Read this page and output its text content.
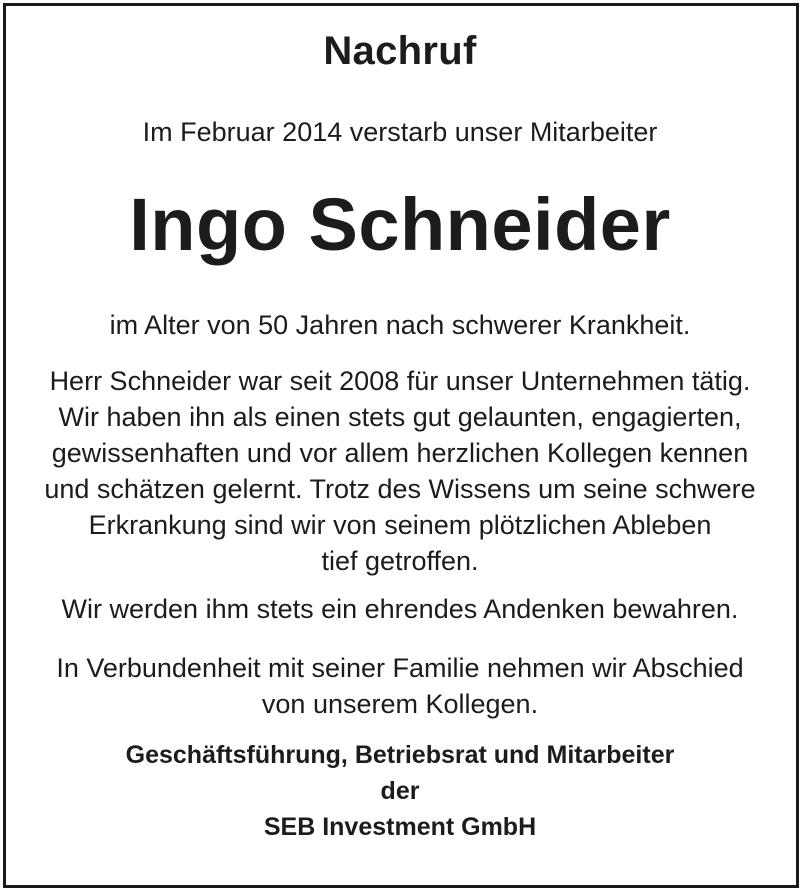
Nachruf
Im Februar 2014 verstarb unser Mitarbeiter
Ingo Schneider
im Alter von 50 Jahren nach schwerer Krankheit.
Herr Schneider war seit 2008 für unser Unternehmen tätig.
Wir haben ihn als einen stets gut gelaunten, engagierten,
gewissenhaften und vor allem herzlichen Kollegen kennen
und schätzen gelernt. Trotz des Wissens um seine schwere
Erkrankung sind wir von seinem plötzlichen Ableben
tief getroffen.
Wir werden ihm stets ein ehrendes Andenken bewahren.
In Verbundenheit mit seiner Familie nehmen wir Abschied
von unserem Kollegen.
Geschäftsführung, Betriebsrat und Mitarbeiter
der
SEB Investment GmbH
